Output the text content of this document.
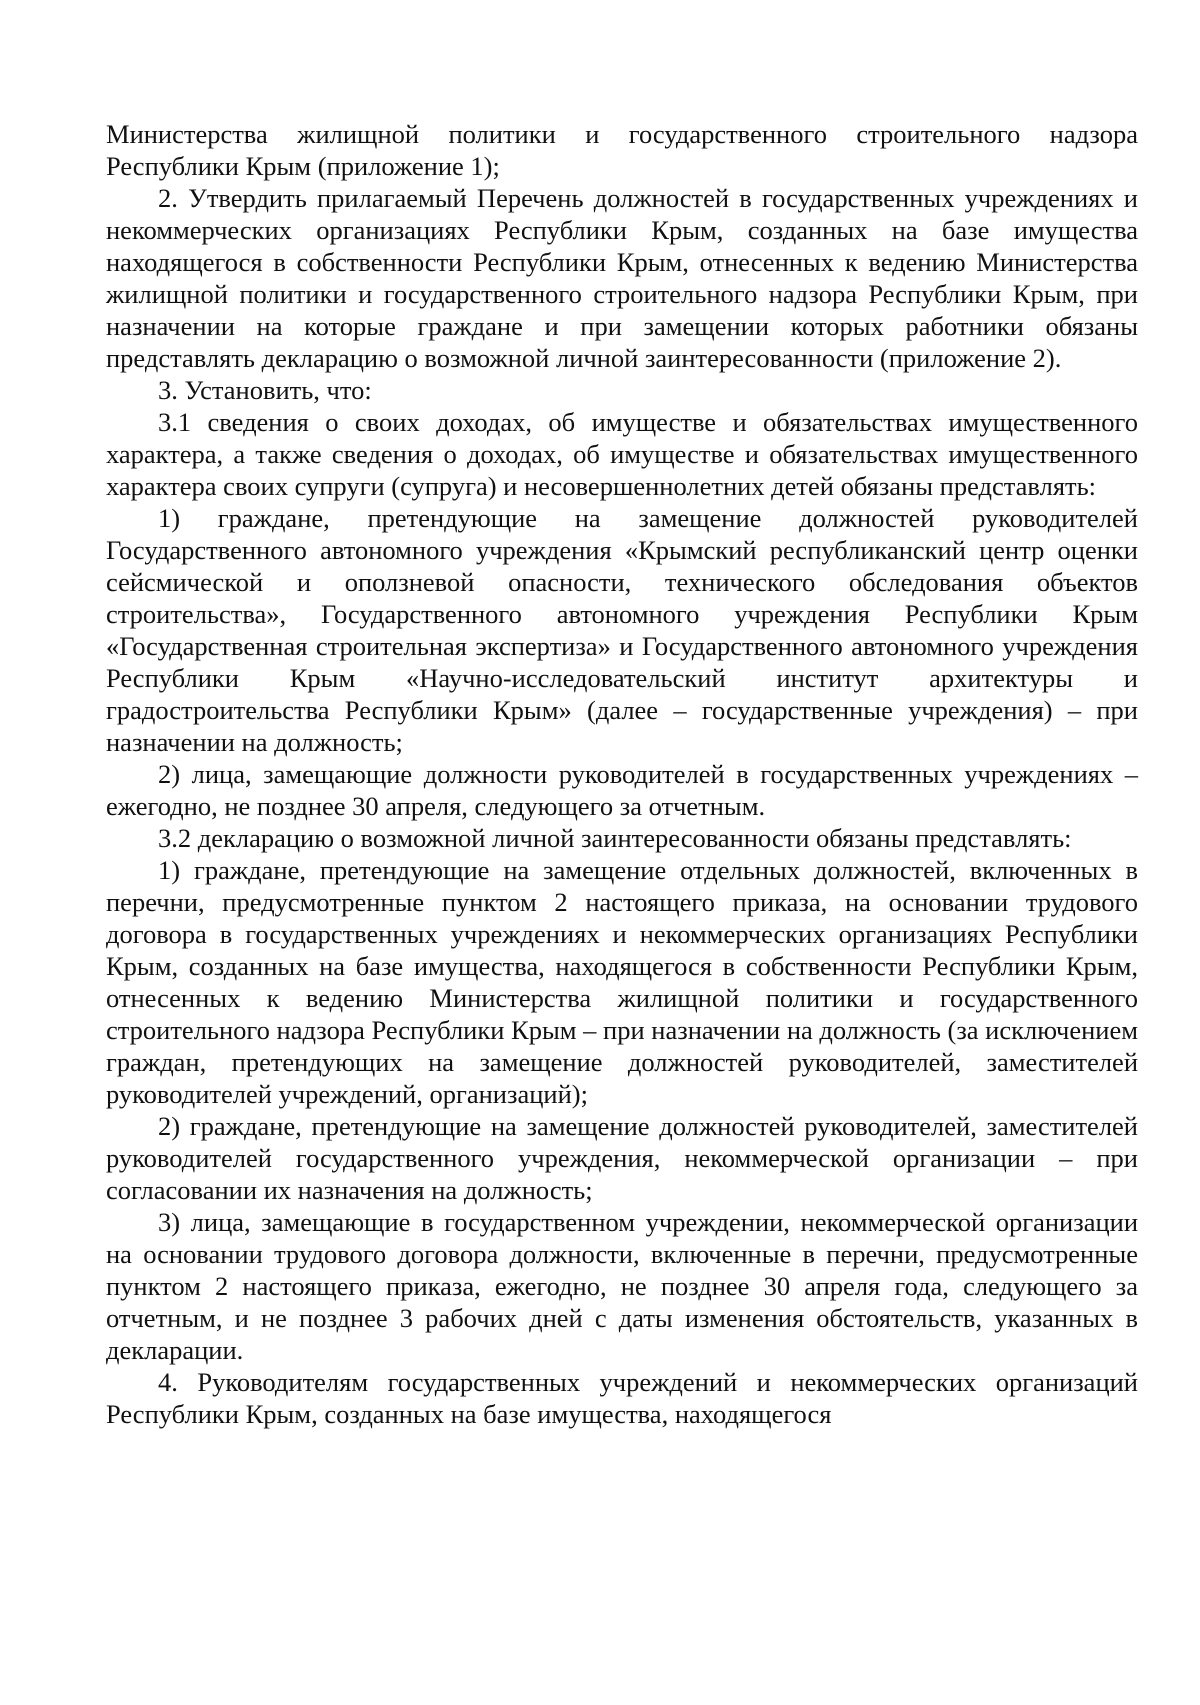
Министерства жилищной политики и государственного строительного надзора Республики Крым (приложение 1);

2. Утвердить прилагаемый Перечень должностей в государственных учреждениях и некоммерческих организациях Республики Крым, созданных на базе имущества находящегося в собственности Республики Крым, отнесенных к ведению Министерства жилищной политики и государственного строительного надзора Республики Крым, при назначении на которые граждане и при замещении которых работники обязаны представлять декларацию о возможной личной заинтересованности (приложение 2).

3. Установить, что:

3.1 сведения о своих доходах, об имуществе и обязательствах имущественного характера, а также сведения о доходах, об имуществе и обязательствах имущественного характера своих супруги (супруга) и несовершеннолетних детей обязаны представлять:

1) граждане, претендующие на замещение должностей руководителей Государственного автономного учреждения «Крымский республиканский центр оценки сейсмической и оползневой опасности, технического обследования объектов строительства», Государственного автономного учреждения Республики Крым «Государственная строительная экспертиза» и Государственного автономного учреждения Республики Крым «Научно-исследовательский институт архитектуры и градостроительства Республики Крым» (далее – государственные учреждения) – при назначении на должность;

2) лица, замещающие должности руководителей в государственных учреждениях – ежегодно, не позднее 30 апреля, следующего за отчетным.

3.2 декларацию о возможной личной заинтересованности обязаны представлять:

1) граждане, претендующие на замещение отдельных должностей, включенных в перечни, предусмотренные пунктом 2 настоящего приказа, на основании трудового договора в государственных учреждениях и некоммерческих организациях Республики Крым, созданных на базе имущества, находящегося в собственности Республики Крым, отнесенных к ведению Министерства жилищной политики и государственного строительного надзора Республики Крым – при назначении на должность (за исключением граждан, претендующих на замещение должностей руководителей, заместителей руководителей учреждений, организаций);

2) граждане, претендующие на замещение должностей руководителей, заместителей руководителей государственного учреждения, некоммерческой организации – при согласовании их назначения на должность;

3) лица, замещающие в государственном учреждении, некоммерческой организации на основании трудового договора должности, включенные в перечни, предусмотренные пунктом 2 настоящего приказа, ежегодно, не позднее 30 апреля года, следующего за отчетным, и не позднее 3 рабочих дней с даты изменения обстоятельств, указанных в декларации.

4. Руководителям государственных учреждений и некоммерческих организаций Республики Крым, созданных на базе имущества, находящегося
